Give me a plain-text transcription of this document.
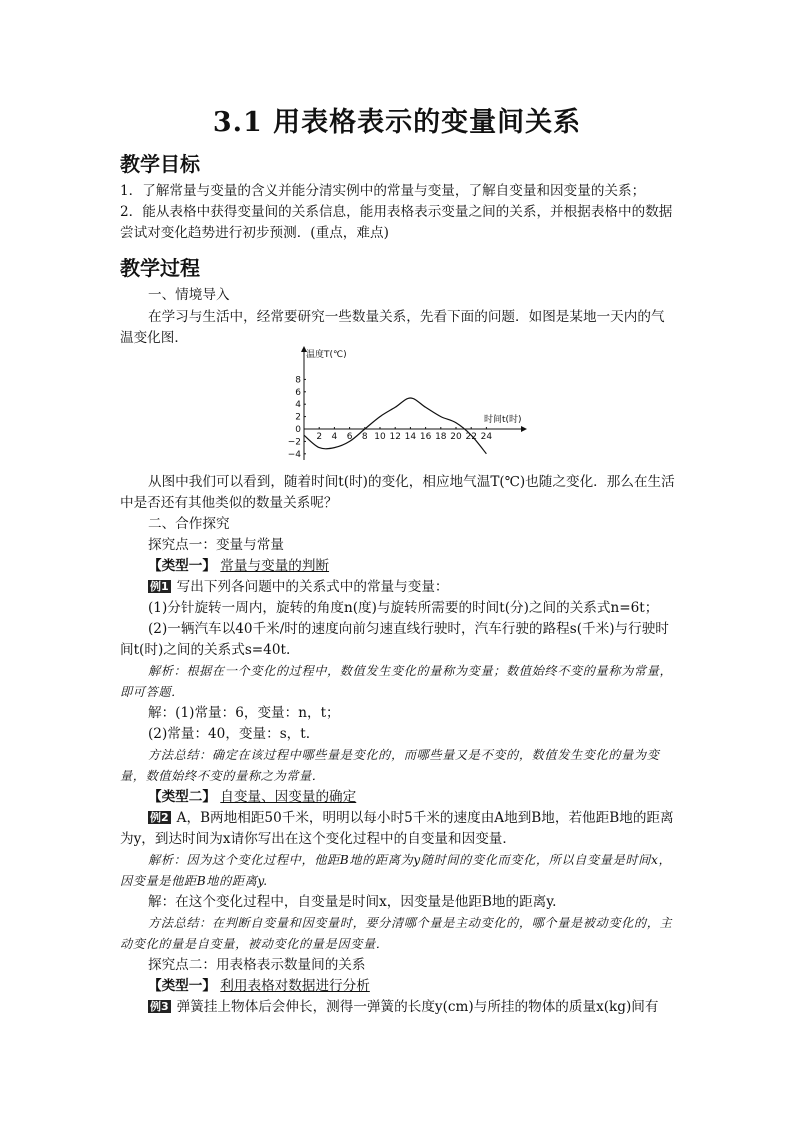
3.1 用表格表示的变量间关系
教学目标
1．了解常量与变量的含义并能分清实例中的常量与变量，了解自变量和因变量的关系；
2．能从表格中获得变量间的关系信息，能用表格表示变量之间的关系，并根据表格中的数据尝试对变化趋势进行初步预测．(重点，难点)
教学过程
一、情境导入
在学习与生活中，经常要研究一些数量关系，先看下面的问题．如图是某地一天内的气温变化图．
温度T(℃)
时间t(时)
2 4 6 8 10 12 14 16 18 20 22 24
8
6
4
2
0
−2
−4
从图中我们可以看到，随着时间t(时)的变化，相应地气温T(℃)也随之变化．那么在生活中是否还有其他类似的数量关系呢？
二、合作探究
探究点一：变量与常量
【类型一】 常量与变量的判断
例1 写出下列各问题中的关系式中的常量与变量：
(1)分针旋转一周内，旋转的角度n(度)与旋转所需要的时间t(分)之间的关系式n=6t；
(2)一辆汽车以40千米/时的速度向前匀速直线行驶时，汽车行驶的路程s(千米)与行驶时间t(时)之间的关系式s=40t.
解析：根据在一个变化的过程中，数值发生变化的量称为变量；数值始终不变的量称为常量，即可答题．
解：(1)常量：6，变量：n，t；
(2)常量：40，变量：s，t.
方法总结：确定在该过程中哪些量是变化的，而哪些量又是不变的，数值发生变化的量为变量，数值始终不变的量称之为常量．
【类型二】 自变量、因变量的确定
例2 A，B两地相距50千米，明明以每小时5千米的速度由A地到B地，若他距B地的距离为y，到达时间为x请你写出在这个变化过程中的自变量和因变量．
解析：因为这个变化过程中，他距B地的距离为y随时间的变化而变化，所以自变量是时间x，因变量是他距B地的距离y.
解：在这个变化过程中，自变量是时间x，因变量是他距B地的距离y.
方法总结：在判断自变量和因变量时，要分清哪个量是主动变化的，哪个量是被动变化的，主动变化的量是自变量，被动变化的量是因变量．
探究点二：用表格表示数量间的关系
【类型一】 利用表格对数据进行分析
例3 弹簧挂上物体后会伸长，测得一弹簧的长度y(cm)与所挂的物体的质量x(kg)间有
